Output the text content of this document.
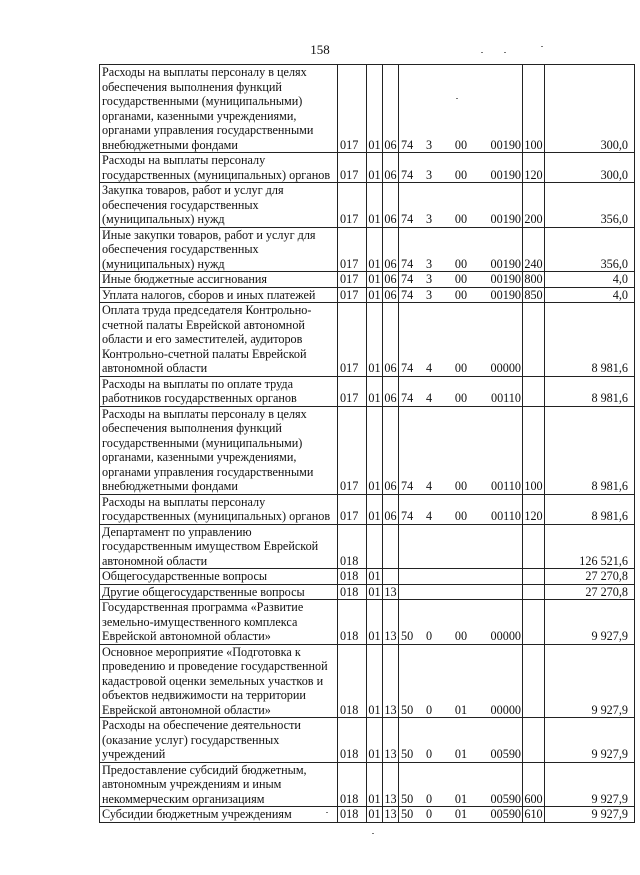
158
Расходы на выплаты персоналу в целях обеспечения выполнения функций государственными (муниципальными) органами, казенными учреждениями, органами управления государственными внебюджетными фондами	017	01	06	74 3 00 00190	100	300,0
Расходы на выплаты персоналу государственных (муниципальных) органов	017	01	06	74 3 00 00190	120	300,0
Закупка товаров, работ и услуг для обеспечения государственных (муниципальных) нужд	017	01	06	74 3 00 00190	200	356,0
Иные закупки товаров, работ и услуг для обеспечения государственных (муниципальных) нужд	017	01	06	74 3 00 00190	240	356,0
Иные бюджетные ассигнования	017	01	06	74 3 00 00190	800	4,0
Уплата налогов, сборов и иных платежей	017	01	06	74 3 00 00190	850	4,0
Оплата труда председателя Контрольно-счетной палаты Еврейской автономной области и его заместителей, аудиторов Контрольно-счетной палаты Еврейской автономной области	017	01	06	74 4 00 00000		8 981,6
Расходы на выплаты по оплате труда работников государственных органов	017	01	06	74 4 00 00110		8 981,6
Расходы на выплаты персоналу в целях обеспечения выполнения функций государственными (муниципальными) органами, казенными учреждениями, органами управления государственными внебюджетными фондами	017	01	06	74 4 00 00110	100	8 981,6
Расходы на выплаты персоналу государственных (муниципальных) органов	017	01	06	74 4 00 00110	120	8 981,6
Департамент по управлению государственным имуществом Еврейской автономной области	018					126 521,6
Общегосударственные вопросы	018	01				27 270,8
Другие общегосударственные вопросы	018	01	13			27 270,8
Государственная программа «Развитие земельно-имущественного комплекса Еврейской автономной области»	018	01	13	50 0 00 00000		9 927,9
Основное мероприятие «Подготовка к проведению и проведение государственной кадастровой оценки земельных участков и объектов недвижимости на территории Еврейской автономной области»	018	01	13	50 0 01 00000		9 927,9
Расходы на обеспечение деятельности (оказание услуг) государственных учреждений	018	01	13	50 0 01 00590		9 927,9
Предоставление субсидий бюджетным, автономным учреждениям и иным некоммерческим организациям	018	01	13	50 0 01 00590	600	9 927,9
Субсидии бюджетным учреждениям	018	01	13	50 0 01 00590	610	9 927,9
